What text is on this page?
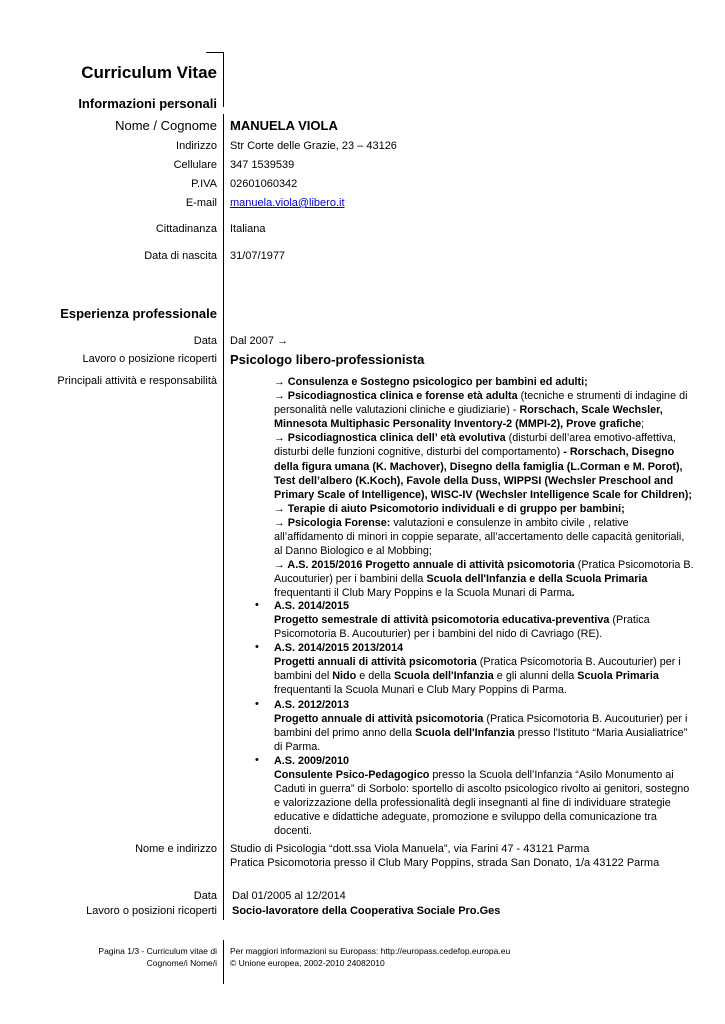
Curriculum Vitae
Informazioni personali
Nome / Cognome MANUELA VIOLA
Indirizzo Str Corte delle Grazie, 23 – 43126
Cellulare 347 1539539
P.IVA 02601060342
E-mail manuela.viola@libero.it
Cittadinanza Italiana
Data di nascita 31/07/1977
Esperienza professionale
Data Dal 2007 →
Lavoro o posizione ricoperti Psicologo libero-professionista
Principali attività e responsabilità	→ Consulenza e Sostegno psicologico per bambini ed adulti;

→ Psicodiagnostica clinica e forense età adulta (tecniche e strumenti di indagine di personalità nelle valutazioni cliniche e giudiziarie) - Rorschach, Scale Wechsler, Minnesota Multiphasic Personality Inventory-2 (MMPI-2), Prove grafiche;

→ Psicodiagnostica clinica dell’ età evolutiva (disturbi dell’area emotivo-affettiva, disturbi delle funzioni cognitive, disturbi del comportamento) - Rorschach, Disegno della figura umana (K. Machover), Disegno della famiglia (L.Corman e M. Porot), Test dell’albero (K.Koch), Favole della Duss, WIPPSI (Wechsler Preschool and Primary Scale of Intelligence), WISC-IV (Wechsler Intelligence Scale for Children);

→ Terapie di aiuto Psicomotorio individuali e di gruppo per bambini;

→ Psicologia Forense: valutazioni e consulenze in ambito civile , relative all’affidamento di minori in coppie separate, all’accertamento delle capacità genitoriali, al Danno Biologico e al Mobbing;

→ A.S. 2015/2016 Progetto annuale di attività psicomotoria (Pratica Psicomotoria B. Aucouturier) per i bambini della Scuola dell'Infanzia e della Scuola Primaria frequentanti il Club Mary Poppins e la Scuola Munari di Parma.

• A.S. 2014/2015

Progetto semestrale di attività psicomotoria educativa-preventiva (Pratica Psicomotoria B. Aucouturier) per i bambini del nido di Cavriago (RE).

• A.S. 2014/2015 2013/2014

Progetti annuali di attività psicomotoria (Pratica Psicomotoria B. Aucouturier) per i bambini del Nido e della Scuola dell'Infanzia e gli alunni della Scuola Primaria frequentanti la Scuola Munari e Club Mary Poppins di Parma.

• A.S. 2012/2013

Progetto annuale di attività psicomotoria (Pratica Psicomotoria B. Aucouturier) per i bambini del primo anno della Scuola dell'Infanzia presso l'Istituto “Maria Ausialiatrice” di Parma.

• A.S. 2009/2010

Consulente Psico-Pedagogico presso la Scuola dell’Infanzia “Asilo Monumento ai Caduti in guerra” di Sorbolo: sportello di ascolto psicologico rivolto ai genitori, sostegno e valorizzazione della professionalità degli insegnanti al fine di individuare strategie educative e didattiche adeguate, promozione e sviluppo della comunicazione tra docenti.

Nome e indirizzo Studio di Psicologia “dott.ssa Viola Manuela”, via Farini 47 - 43121 Parma
Pratica Psicomotoria presso il Club Mary Poppins, strada San Donato, 1/a 43122 Parma
Data Dal 01/2005 al 12/2014
Lavoro o posizioni ricoperti Socio-lavoratore della Cooperativa Sociale Pro.Ges
Pagina 1/3 - Curriculum vitae di
Cognome/i Nome/i
Per maggiori informazioni su Europass: http://europass.cedefop.europa.eu
© Unione europea, 2002-2010 24082010
